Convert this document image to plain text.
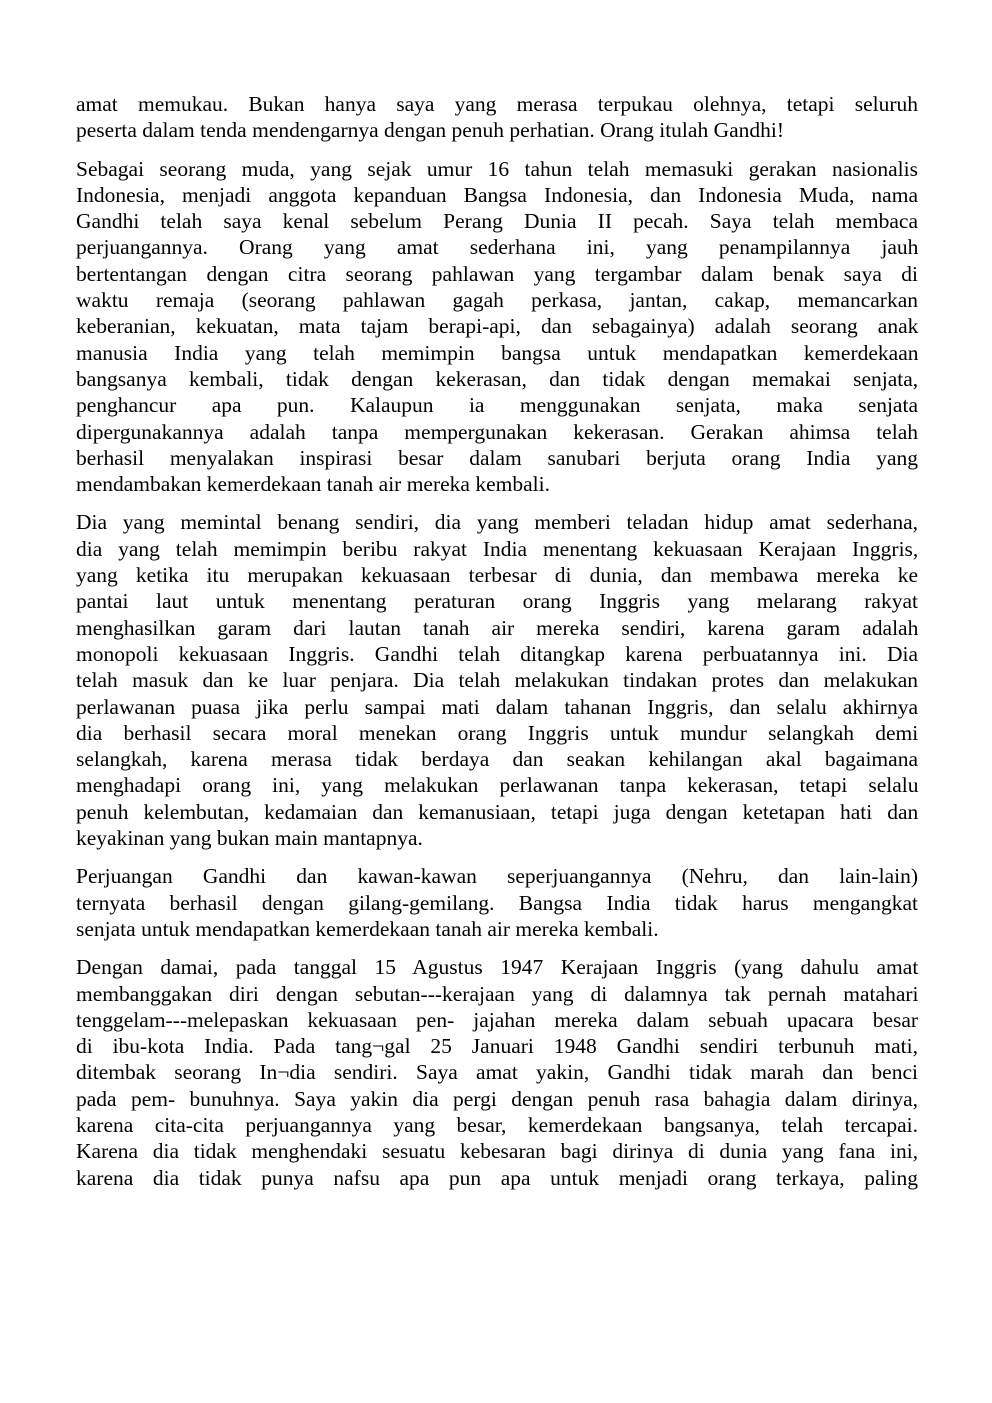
amat memukau. Bukan hanya saya yang merasa terpukau olehnya, tetapi seluruh
peserta dalam tenda mendengarnya dengan penuh perhatian. Orang itulah Gandhi!
Sebagai seorang muda, yang sejak umur 16 tahun telah memasuki gerakan nasionalis
Indonesia, menjadi anggota kepanduan Bangsa Indonesia, dan Indonesia Muda, nama
Gandhi telah saya kenal sebelum Perang Dunia II pecah. Saya telah membaca
perjuangannya. Orang yang amat sederhana ini, yang penampilannya jauh
bertentangan dengan citra seorang pahlawan yang tergambar dalam benak saya di
waktu remaja (seorang pahlawan gagah perkasa, jantan, cakap, memancarkan
keberanian, kekuatan, mata tajam berapi-api, dan sebagainya) adalah seorang anak
manusia India yang telah memimpin bangsa untuk mendapatkan kemerdekaan
bangsanya kembali, tidak dengan kekerasan, dan tidak dengan memakai senjata,
penghancur apa pun. Kalaupun ia menggunakan senjata, maka senjata
dipergunakannya adalah tanpa mempergunakan kekerasan. Gerakan ahimsa telah
berhasil menyalakan inspirasi besar dalam sanubari berjuta orang India yang
mendambakan kemerdekaan tanah air mereka kembali.
Dia yang memintal benang sendiri, dia yang memberi teladan hidup amat sederhana,
dia yang telah memimpin beribu rakyat India menentang kekuasaan Kerajaan Inggris,
yang ketika itu merupakan kekuasaan terbesar di dunia, dan membawa mereka ke
pantai laut untuk menentang peraturan orang Inggris yang melarang rakyat
menghasilkan garam dari lautan tanah air mereka sendiri, karena garam adalah
monopoli kekuasaan Inggris. Gandhi telah ditangkap karena perbuatannya ini. Dia
telah masuk dan ke luar penjara. Dia telah melakukan tindakan protes dan melakukan
perlawanan puasa jika perlu sampai mati dalam tahanan Inggris, dan selalu akhirnya
dia berhasil secara moral menekan orang Inggris untuk mundur selangkah demi
selangkah, karena merasa tidak berdaya dan seakan kehilangan akal bagaimana
menghadapi orang ini, yang melakukan perlawanan tanpa kekerasan, tetapi selalu
penuh kelembutan, kedamaian dan kemanusiaan, tetapi juga dengan ketetapan hati dan
keyakinan yang bukan main mantapnya.
Perjuangan Gandhi dan kawan-kawan seperjuangannya (Nehru, dan lain-lain)
ternyata berhasil dengan gilang-gemilang. Bangsa India tidak harus mengangkat
senjata untuk mendapatkan kemerdekaan tanah air mereka kembali.
Dengan damai, pada tanggal 15 Agustus 1947 Kerajaan Inggris (yang dahulu amat
membanggakan diri dengan sebutan---kerajaan yang di dalamnya tak pernah matahari
tenggelam---melepaskan kekuasaan pen- jajahan mereka dalam sebuah upacara besar
di ibu-kota India. Pada tang¬gal 25 Januari 1948 Gandhi sendiri terbunuh mati,
ditembak seorang In¬dia sendiri. Saya amat yakin, Gandhi tidak marah dan benci
pada pem- bunuhnya. Saya yakin dia pergi dengan penuh rasa bahagia dalam dirinya,
karena cita-cita perjuangannya yang besar, kemerdekaan bangsanya, telah tercapai.
Karena dia tidak menghendaki sesuatu kebesaran bagi dirinya di dunia yang fana ini,
karena dia tidak punya nafsu apa pun apa untuk menjadi orang terkaya, paling
